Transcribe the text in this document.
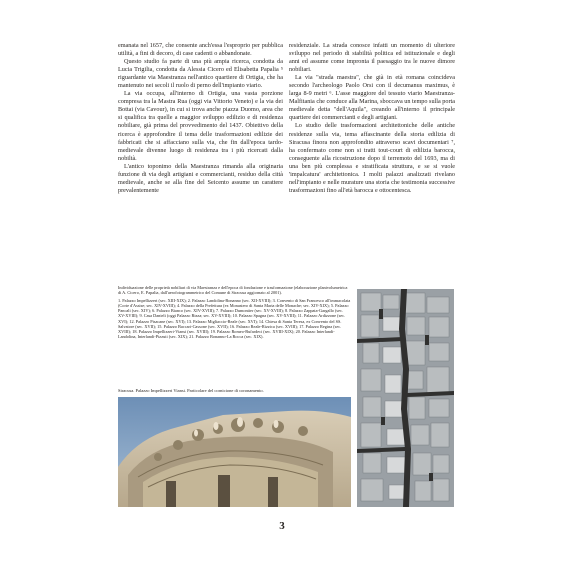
emanata nel 1657, che consente anch'essa l'esproprio per pubblica utilità, a fini di decoro, di case cadenti o abbandonate.

Questo studio fa parte di una più ampia ricerca, condotta da Lucia Trigilia, condotta da Alessia Cicero ed Elisabetta Papalia ⁵ riguardante via Maestranza nell'antico quartiere di Ortigia, che ha mantenuto nei secoli il ruolo di perno dell'impianto viario.

La via occupa, all'interno di Ortigia, una vasta porzione compresa tra la Mastra Rua (oggi via Vittorio Veneto) e la via dei Bottai (via Cavour), in cui si trova anche piazza Duomo, area che si qualifica tra quelle a maggior sviluppo edilizio e di residenza nobiliare, già prima del provvedimento del 1437. Obiettivo della ricerca è approfondire il tema delle trasformazioni edilizie dei fabbricati che si affacciano sulla via, che fin dall'epoca tardo-medievale divenne luogo di residenza tra i più ricercati dalla nobiltà.

L'antico toponimo della Maestranza rimanda alla originaria funzione di via degli artigiani e commercianti, residuo della città medievale, anche se alla fine del Seicento assume un carattere prevalentemente

residenziale. La strada conosce infatti un momento di ulteriore sviluppo nel periodo di stabilità politica ed istituzionale e degli anni ed assume come impronta il paesaggio tra le nuove dimore nobiliari.

La via "strada maestra", che già in età romana coincideva secondo l'archeologo Paolo Orsi con il decumanus maximus, è larga 8-9 metri ⁶. L'asse maggiore del tessuto viario Maestranza-Malfitania che conduce alla Marina, sboccava un tempo sulla porta medievale detta "dell'Aquila", creando all'interno il principale quartiere dei commercianti e degli artigiani.

Lo studio delle trasformazioni architettoniche delle antiche residenze sulla via, tema affascinante della storia edilizia di Siracusa finora non approfondito attraverso scavi documentari ⁷, ha confermato come non si tratti tout-court di edilizia barocca, conseguente alla ricostruzione dopo il terremoto del 1693, ma di una ben più complessa e stratificata struttura, e se si vuole 'impalcatura' architettonica. I molti palazzi analizzati rivelano nell'impianto e nelle murature una storia che testimonia successive trasformazioni fino all'età barocca e ottocentesca.

Individuazione delle proprietà nobiliari di via Maestranza e dell'epoca di fondazione e trasformazione (elaborazione planivolumetrica di A. Cicero, E. Papalia, dall'aerofotogrammetrico del Comune di Siracusa aggiornato al 2001).

1. Palazzo Impellizzeri (sec. XIII-XIX); 2. Palazzo Landolina-Bonanno (sec. XII-XVIII); 3. Convento di San Francesco all'immacolata (Corte d'Assise; sec. XIV-XVIII); 4. Palazzo della Prefettura (ex Monastero di Santa Maria delle Monache; sec. XIV-XIX); 5. Palazzo Pancali (sec. XIV); 6. Palazzo Bianco (sec. XIV-XVIII); 7. Palazzo Dumontier (sec. XV-XVIII); 8. Palazzo Zappata-Gargallo (sec. XV-XVIII); 9. Casa Danieli (oggi Palazzo Rizza; sec. XV-XVIII); 10. Palazzo Spagna (sec. XV-XVIII); 11. Palazzo Ardizzone (sec. XVI); 12. Palazzo Pisacane (sec. XVI); 13. Palazzo Migliaccio-Reale (sec. XVI); 14. Chiesa di Santa Teresa, ex Convento del SS. Salvatore (sec. XVII); 15. Palazzo Baccari-Cassone (sec. XVII); 16. Palazzo Reale-Rizzica (sec. XVIII); 17. Palazzo Regina (sec. XVIII); 18. Palazzo Impellizzeri-Viansi (sec. XVIII); 19. Palazzo Romeo-Bufardeci (sec. XVIII-XIX); 20. Palazzo Interlandi-Landolina, Interlandi-Pizzuti (sec. XIX); 21. Palazzo Bonanno-La Rocca (sec. XIX).

Siracusa. Palazzo Impellizzeri Viansi. Particolare del cornicione di coronamento.
3
